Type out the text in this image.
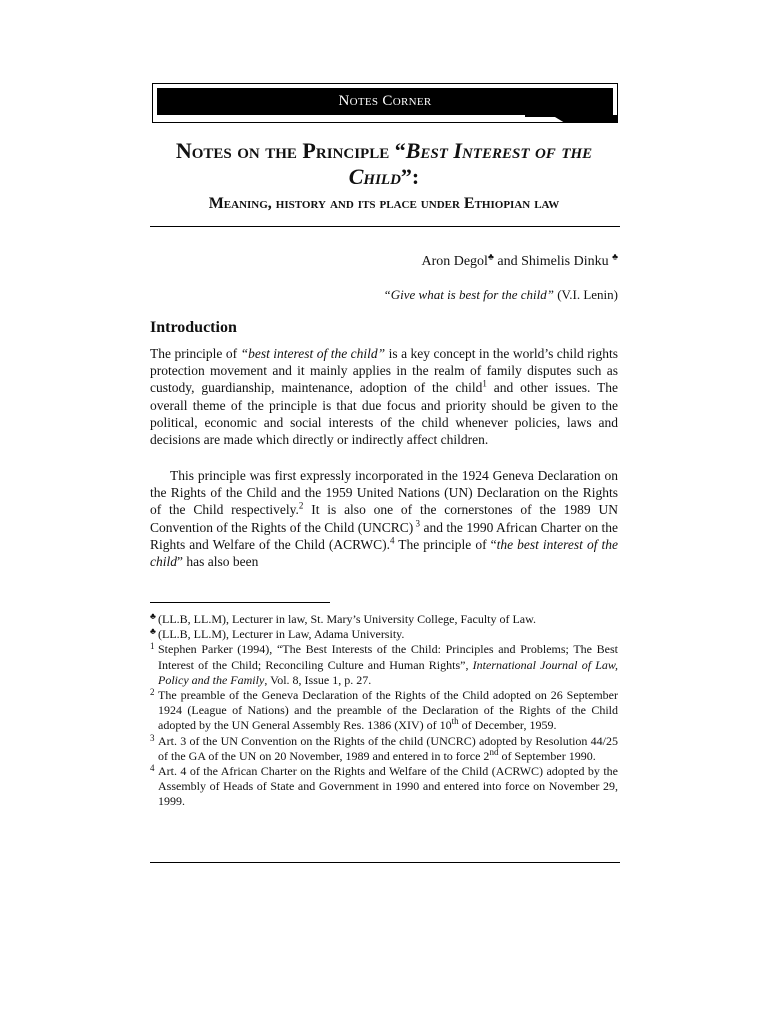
Notes Corner
Notes on the Principle “Best Interest of the
Child”:
Meaning, history and its place under Ethiopian law
Aron Degol♣ and Shimelis Dinku ♣
“Give what is best for the child” (V.I. Lenin)
Introduction
The principle of “best interest of the child” is a key concept in the world’s child rights protection movement and it mainly applies in the realm of family disputes such as custody, guardianship, maintenance, adoption of the child$^1$ and other issues. The overall theme of the principle is that due focus and priority should be given to the political, economic and social interests of the child whenever policies, laws and decisions are made which directly or indirectly affect children.
This principle was first expressly incorporated in the 1924 Geneva Declaration on the Rights of the Child and the 1959 United Nations (UN) Declaration on the Rights of the Child respectively.$^2$ It is also one of the cornerstones of the 1989 UN Convention of the Rights of the Child (UNCRC) $^3$ and the 1990 African Charter on the Rights and Welfare of the Child (ACRWC).$^4$ The principle of “the best interest of the child” has also been
♣ (LL.B, LL.M), Lecturer in law, St. Mary’s University College, Faculty of Law.
♣ (LL.B, LL.M), Lecturer in Law, Adama University.
1 Stephen Parker (1994), “The Best Interests of the Child: Principles and Problems; The Best Interest of the Child; Reconciling Culture and Human Rights”, International Journal of Law, Policy and the Family, Vol. 8, Issue 1, p. 27.
2 The preamble of the Geneva Declaration of the Rights of the Child adopted on 26 September 1924 (League of Nations) and the preamble of the Declaration of the Rights of the Child adopted by the UN General Assembly Res. 1386 (XIV) of 10th of December, 1959.
3 Art. 3 of the UN Convention on the Rights of the child (UNCRC) adopted by Resolution 44/25 of the GA of the UN on 20 November, 1989 and entered in to force 2nd of September 1990.
4 Art. 4 of the African Charter on the Rights and Welfare of the Child (ACRWC) adopted by the Assembly of Heads of State and Government in 1990 and entered into force on November 29, 1999.
